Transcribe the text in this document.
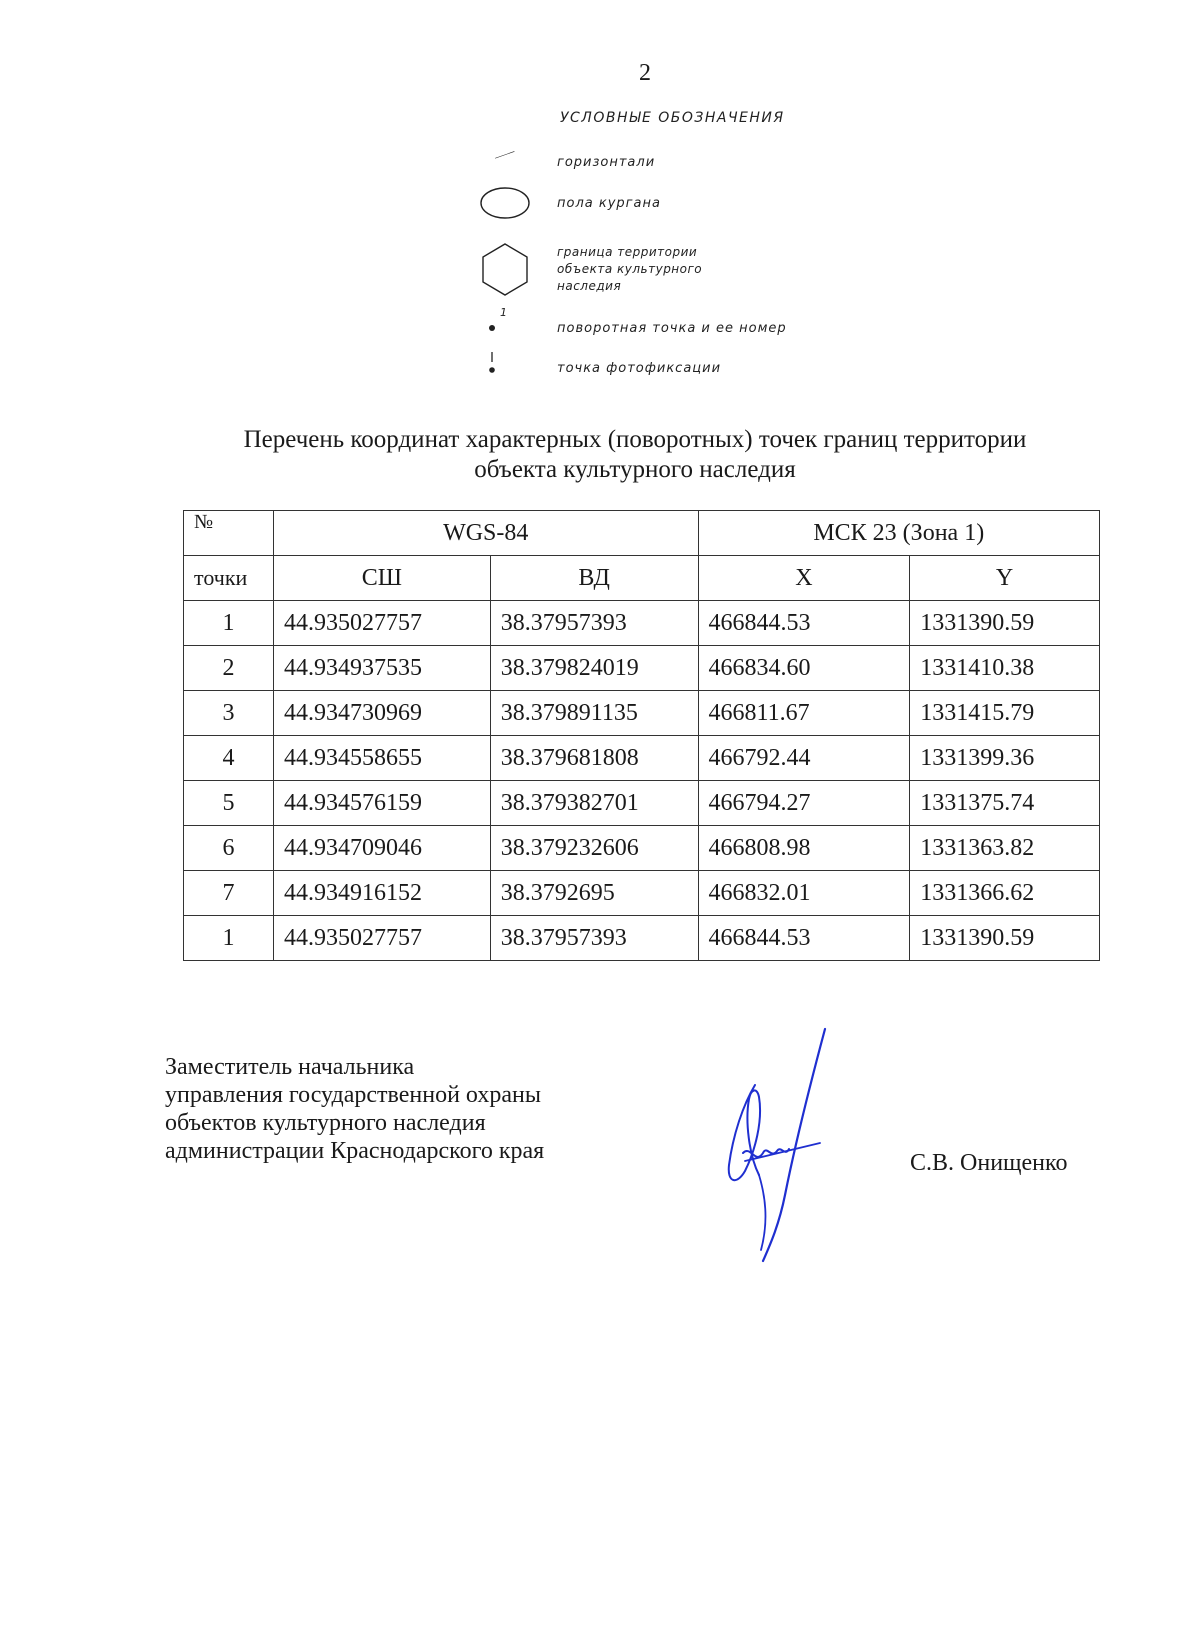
2
УСЛОВНЫЕ ОБОЗНАЧЕНИЯ
горизонтали
пола кургана
граница территории
объекта культурного
наследия
1
поворотная точка и ее номер
точка фотофиксации
Перечень координат характерных (поворотных) точек границ территории
объекта культурного наследия
№	WGS-84		МСК 23 (Зона 1)	
точки	СШ	ВД	X	Y
1	44.935027757	38.37957393	466844.53	1331390.59
2	44.934937535	38.379824019	466834.60	1331410.38
3	44.934730969	38.379891135	466811.67	1331415.79
4	44.934558655	38.379681808	466792.44	1331399.36
5	44.934576159	38.379382701	466794.27	1331375.74
6	44.934709046	38.379232606	466808.98	1331363.82
7	44.934916152	38.3792695	466832.01	1331366.62
1	44.935027757	38.37957393	466844.53	1331390.59
Заместитель начальника
управления государственной охраны
объектов культурного наследия
администрации Краснодарского края	С.В. Онищенко
